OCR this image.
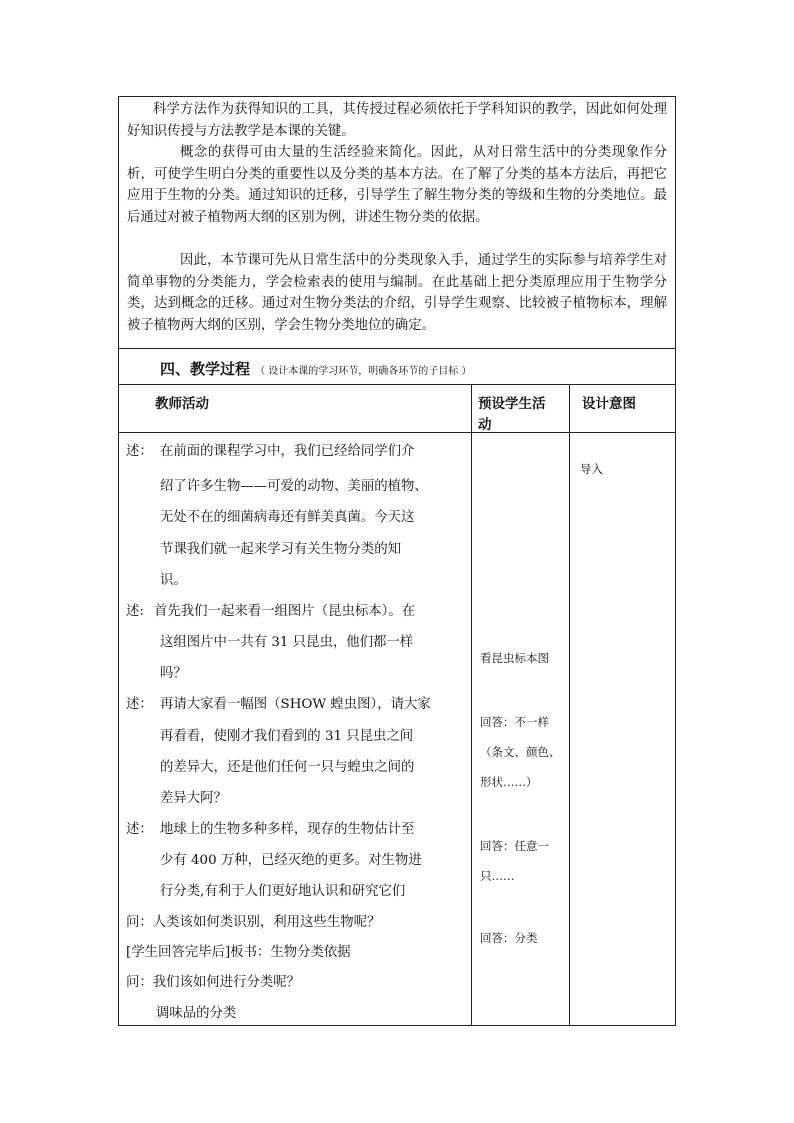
科学方法作为获得知识的工具，其传授过程必须依托于学科知识的教学，因此如何处理好知识传授与方法教学是本课的关键。

概念的获得可由大量的生活经验来简化。因此，从对日常生活中的分类现象作分析，可使学生明白分类的重要性以及分类的基本方法。在了解了分类的基本方法后，再把它应用于生物的分类。通过知识的迁移，引导学生了解生物分类的等级和生物的分类地位。最后通过对被子植物两大纲的区别为例，讲述生物分类的依据。

因此，本节课可先从日常生活中的分类现象入手，通过学生的实际参与培养学生对简单事物的分类能力，学会检索表的使用与编制。在此基础上把分类原理应用于生物学分类，达到概念的迁移。通过对生物分类法的介绍，引导学生观察、比较被子植物标本，理解被子植物两大纲的区别，学会生物分类地位的确定。

四、教学过程 （ 设计本课的学习环节，明确各环节的子目标 ）
教师活动	预设学生活
动
设计意图
述： 在前面的课程学习中，我们已经给同学们介
绍了许多生物——可爱的动物、美丽的植物、
无处不在的细菌病毒还有鲜美真菌。今天这
节课我们就一起来学习有关生物分类的知
识。
述: 首先我们一起来看一组图片（昆虫标本）。在
这组图片中一共有 31 只昆虫，他们都一样
吗？
述： 再请大家看一幅图（SHOW 蝗虫图），请大家
再看看，使刚才我们看到的 31 只昆虫之间
的差异大，还是他们任何一只与蝗虫之间的
差异大阿？
述： 地球上的生物多种多样，现存的生物估计至
少有 400 万种，已经灭绝的更多。对生物进
行分类,有利于人们更好地认识和研究它们
问：人类该如何类识别，利用这些生物呢？
[学生回答完毕后]板书：生物分类依据
问：我们该如何进行分类呢？
调味品的分类
看昆虫标本图
回答：不一样
（条文、颜色、
形状……）
回答：任意一
只……
回答：分类
导入
